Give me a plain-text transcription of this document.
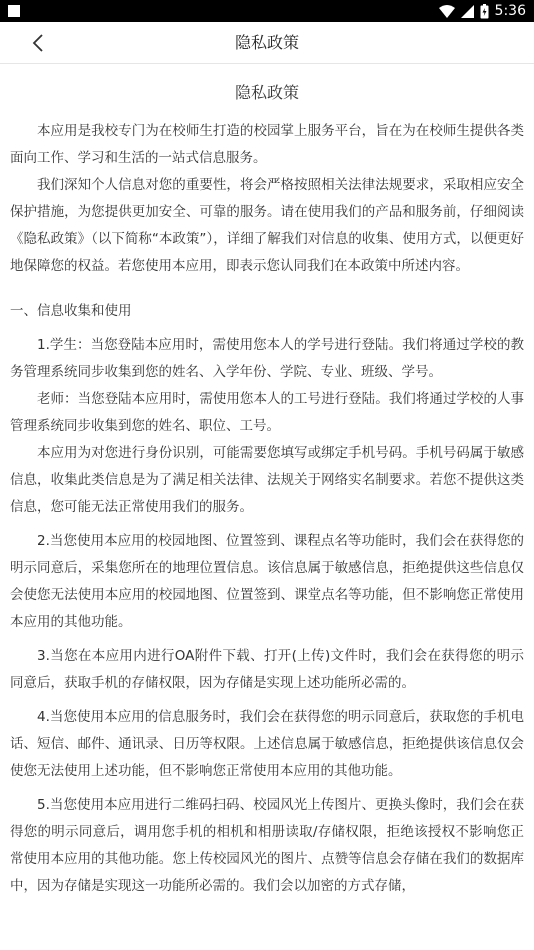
5:36
隐私政策
隐私政策

本应用是我校专门为在校师生打造的校园掌上服务平台，旨在为在校师生提供各类面向工作、学习和生活的一站式信息服务。

我们深知个人信息对您的重要性，将会严格按照相关法律法规要求，采取相应安全保护措施，为您提供更加安全、可靠的服务。请在使用我们的产品和服务前，仔细阅读《隐私政策》（以下简称“本政策”），详细了解我们对信息的收集、使用方式，以便更好地保障您的权益。若您使用本应用，即表示您认同我们在本政策中所述内容。

一、信息收集和使用

1.学生：当您登陆本应用时，需使用您本人的学号进行登陆。我们将通过学校的教务管理系统同步收集到您的姓名、入学年份、学院、专业、班级、学号。

老师：当您登陆本应用时，需使用您本人的工号进行登陆。我们将通过学校的人事管理系统同步收集到您的姓名、职位、工号。

本应用为对您进行身份识别，可能需要您填写或绑定手机号码。手机号码属于敏感信息，收集此类信息是为了满足相关法律、法规关于网络实名制要求。若您不提供这类信息，您可能无法正常使用我们的服务。

2.当您使用本应用的校园地图、位置签到、课程点名等功能时，我们会在获得您的明示同意后，采集您所在的地理位置信息。该信息属于敏感信息，拒绝提供这些信息仅会使您无法使用本应用的校园地图、位置签到、课堂点名等功能，但不影响您正常使用本应用的其他功能。

3.当您在本应用内进行OA附件下载、打开(上传)文件时，我们会在获得您的明示同意后，获取手机的存储权限，因为存储是实现上述功能所必需的。

4.当您使用本应用的信息服务时，我们会在获得您的明示同意后，获取您的手机电话、短信、邮件、通讯录、日历等权限。上述信息属于敏感信息，拒绝提供该信息仅会使您无法使用上述功能，但不影响您正常使用本应用的其他功能。

5.当您使用本应用进行二维码扫码、校园风光上传图片、更换头像时，我们会在获得您的明示同意后，调用您手机的相机和相册读取/存储权限，拒绝该授权不影响您正常使用本应用的其他功能。您上传校园风光的图片、点赞等信息会存储在我们的数据库中，因为存储是实现这一功能所必需的。我们会以加密的方式存储，
